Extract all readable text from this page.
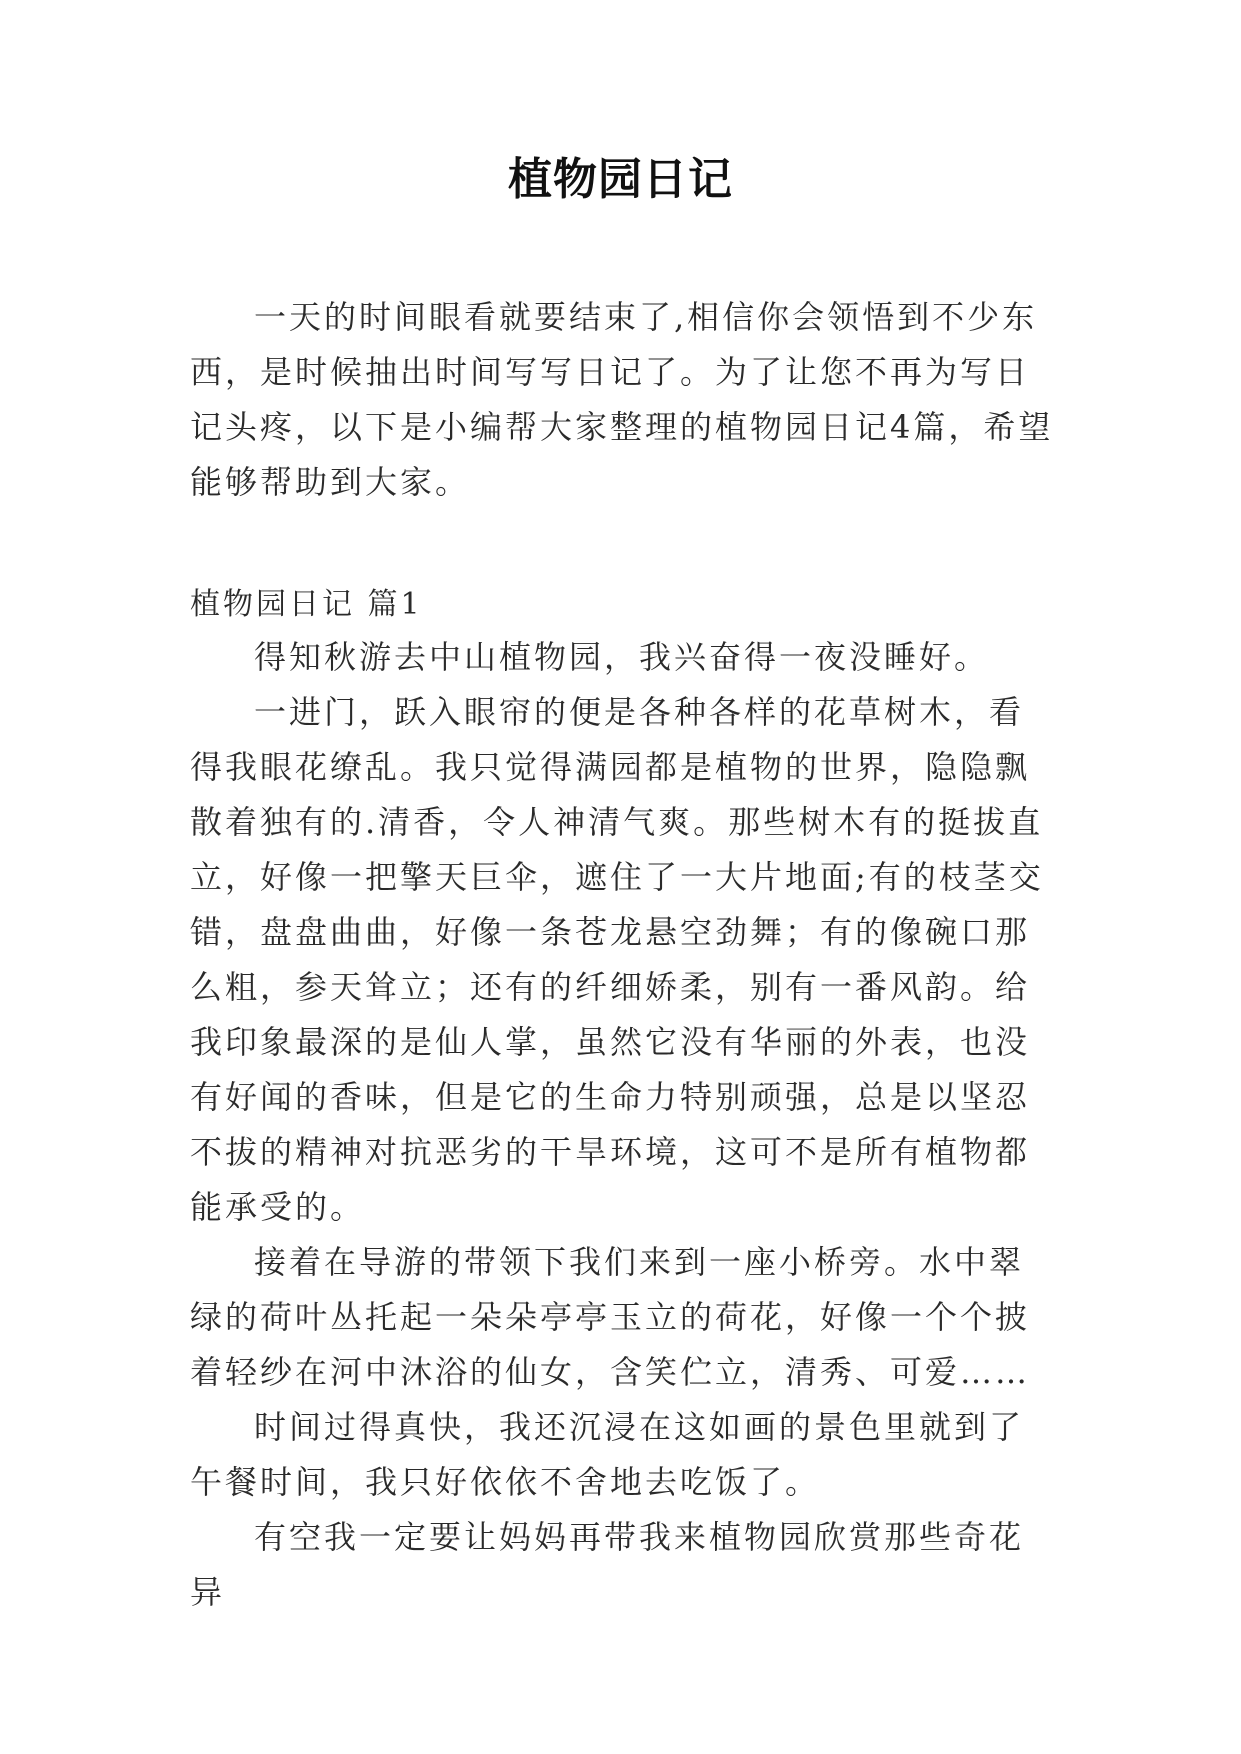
植物园日记

一天的时间眼看就要结束了,相信你会领悟到不少东西，是时候抽出时间写写日记了。为了让您不再为写日记头疼，以下是小编帮大家整理的植物园日记4篇，希望能够帮助到大家。

植物园日记 篇1

得知秋游去中山植物园，我兴奋得一夜没睡好。

一进门，跃入眼帘的便是各种各样的花草树木，看得我眼花缭乱。我只觉得满园都是植物的世界，隐隐飘散着独有的.清香，令人神清气爽。那些树木有的挺拔直立，好像一把擎天巨伞，遮住了一大片地面;有的枝茎交错，盘盘曲曲，好像一条苍龙悬空劲舞；有的像碗口那么粗，参天耸立；还有的纤细娇柔，别有一番风韵。给我印象最深的是仙人掌，虽然它没有华丽的外表，也没有好闻的香味，但是它的生命力特别顽强，总是以坚忍不拔的精神对抗恶劣的干旱环境，这可不是所有植物都能承受的。

接着在导游的带领下我们来到一座小桥旁。水中翠绿的荷叶丛托起一朵朵亭亭玉立的荷花，好像一个个披着轻纱在河中沐浴的仙女，含笑伫立，清秀、可爱……

时间过得真快，我还沉浸在这如画的景色里就到了午餐时间，我只好依依不舍地去吃饭了。

有空我一定要让妈妈再带我来植物园欣赏那些奇花异
